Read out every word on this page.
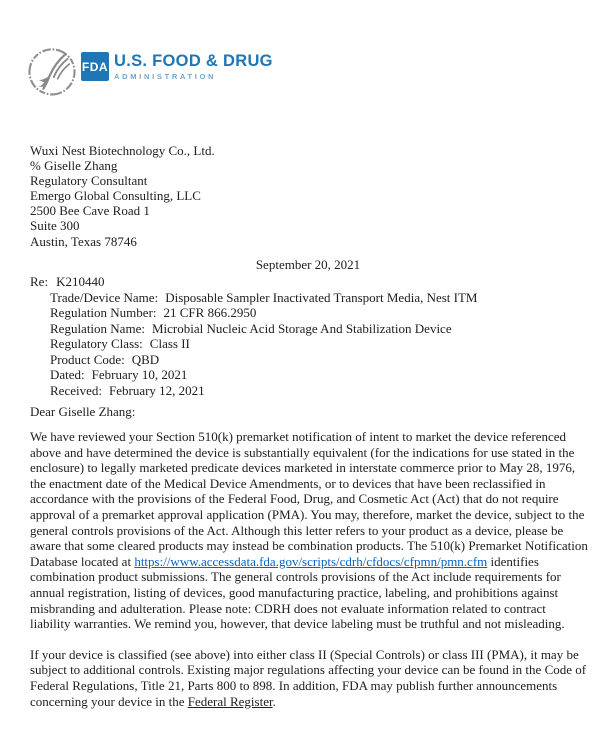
FDA U.S. FOOD & DRUG
ADMINISTRATION
Wuxi Nest Biotechnology Co., Ltd.
% Giselle Zhang
Regulatory Consultant
Emergo Global Consulting, LLC
2500 Bee Cave Road 1
Suite 300
Austin, Texas 78746
September 20, 2021
Re: K210440
Trade/Device Name: Disposable Sampler Inactivated Transport Media, Nest ITM
Regulation Number: 21 CFR 866.2950
Regulation Name: Microbial Nucleic Acid Storage And Stabilization Device
Regulatory Class: Class II
Product Code: QBD
Dated: February 10, 2021
Received: February 12, 2021
Dear Giselle Zhang:

We have reviewed your Section 510(k) premarket notification of intent to market the device referenced above and have determined the device is substantially equivalent (for the indications for use stated in the enclosure) to legally marketed predicate devices marketed in interstate commerce prior to May 28, 1976, the enactment date of the Medical Device Amendments, or to devices that have been reclassified in accordance with the provisions of the Federal Food, Drug, and Cosmetic Act (Act) that do not require approval of a premarket approval application (PMA). You may, therefore, market the device, subject to the general controls provisions of the Act. Although this letter refers to your product as a device, please be aware that some cleared products may instead be combination products. The 510(k) Premarket Notification Database located at https://www.accessdata.fda.gov/scripts/cdrh/cfdocs/cfpmn/pmn.cfm identifies combination product submissions. The general controls provisions of the Act include requirements for annual registration, listing of devices, good manufacturing practice, labeling, and prohibitions against misbranding and adulteration. Please note: CDRH does not evaluate information related to contract liability warranties. We remind you, however, that device labeling must be truthful and not misleading.

If your device is classified (see above) into either class II (Special Controls) or class III (PMA), it may be subject to additional controls. Existing major regulations affecting your device can be found in the Code of Federal Regulations, Title 21, Parts 800 to 898. In addition, FDA may publish further announcements concerning your device in the Federal Register.
